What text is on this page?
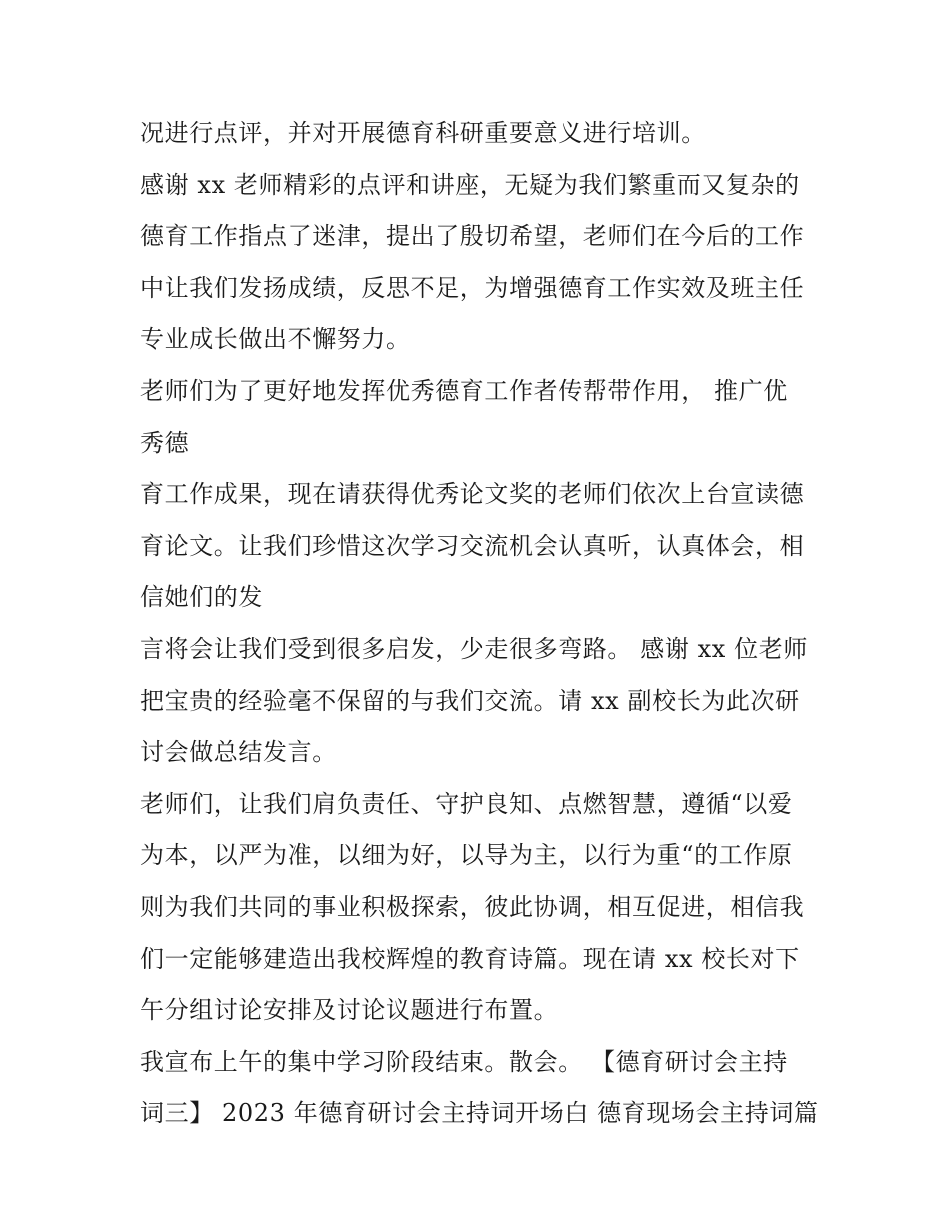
况进行点评，并对开展德育科研重要意义进行培训。
感谢 xx 老师精彩的点评和讲座，无疑为我们繁重而又复杂的
德育工作指点了迷津，提出了殷切希望，老师们在今后的工作
中让我们发扬成绩，反思不足，为增强德育工作实效及班主任
专业成长做出不懈努力。
老师们为了更好地发挥优秀德育工作者传帮带作用， 推广优
秀德
育工作成果，现在请获得优秀论文奖的老师们依次上台宣读德
育论文。让我们珍惜这次学习交流机会认真听，认真体会，相
信她们的发
言将会让我们受到很多启发，少走很多弯路。 感谢 xx 位老师
把宝贵的经验毫不保留的与我们交流。请 xx 副校长为此次研
讨会做总结发言。
老师们，让我们肩负责任、守护良知、点燃智慧，遵循“以爱
为本，以严为准，以细为好，以导为主，以行为重“的工作原
则为我们共同的事业积极探索，彼此协调，相互促进，相信我
们一定能够建造出我校辉煌的教育诗篇。现在请 xx 校长对下
午分组讨论安排及讨论议题进行布置。
我宣布上午的集中学习阶段结束。散会。 【德育研讨会主持
词三】 2023 年德育研讨会主持词开场白 德育现场会主持词篇
